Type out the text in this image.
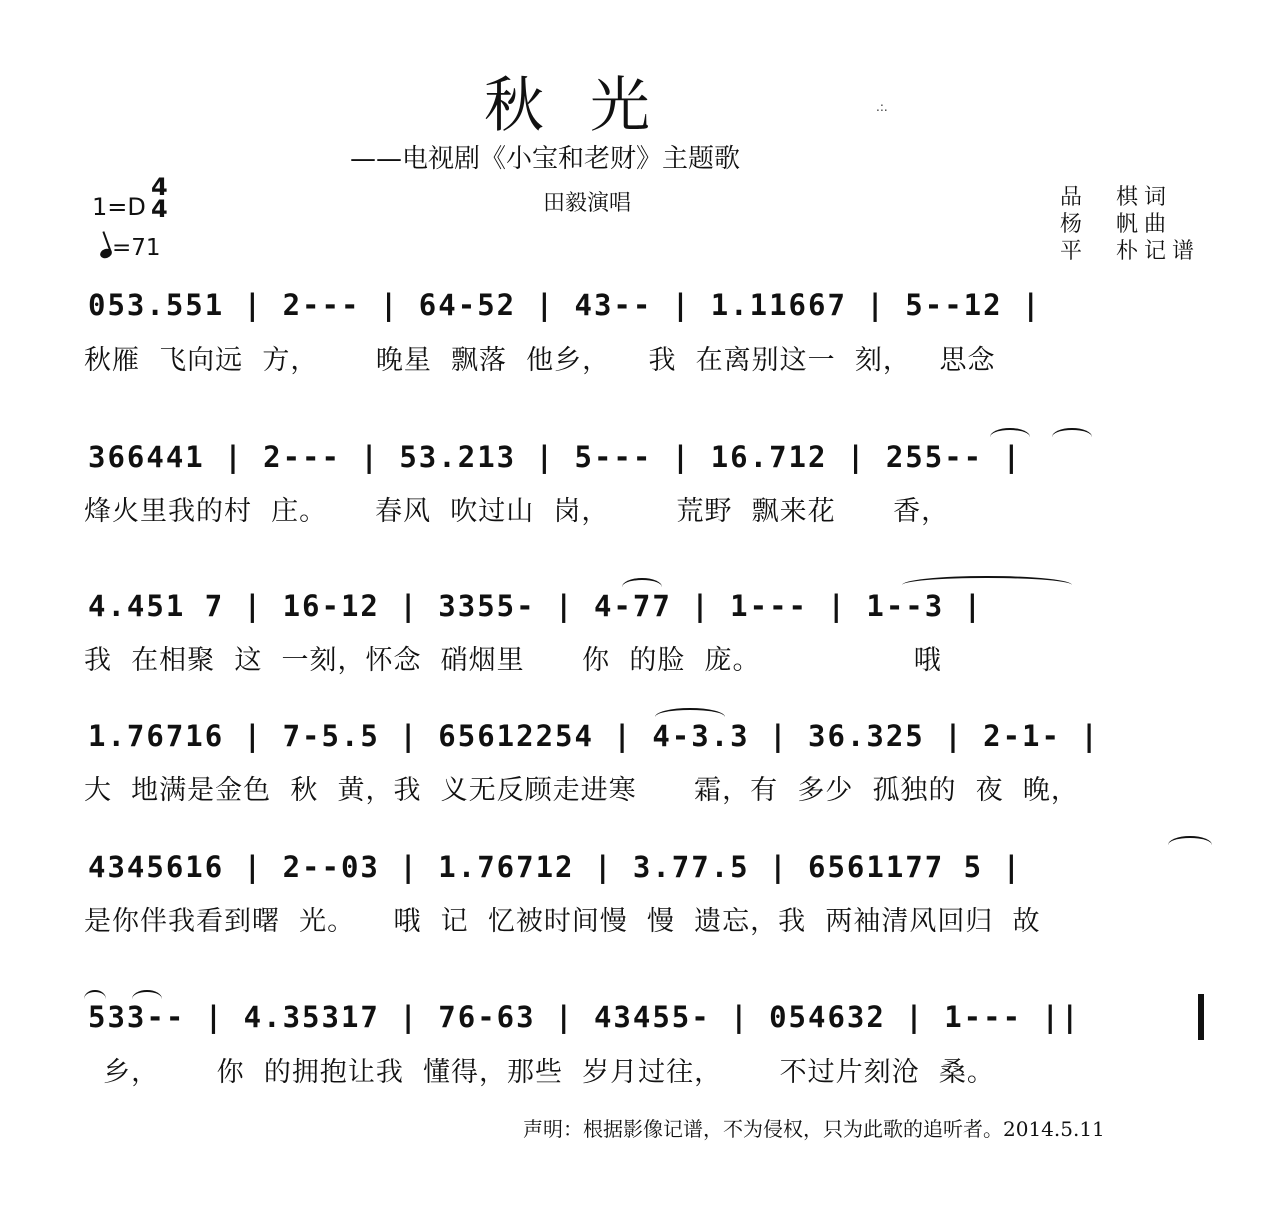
秋光
——电视剧《小宝和老财》主题歌
田毅演唱	品　棋词
杨　帆曲
平　朴记谱
1=D
4
4
=71
.:.
053.551 | 2--- | 64-52 | 43-- | 1.11667 | 5--12 |
秋雁  飞向远  方，      晚星  飘落  他乡，    我  在离别这一  刻，   思念
366441 | 2--- | 53.213 | 5--- | 16.712 | 255-- |
烽火里我的村  庄。     春风  吹过山  岗，       荒野  飘来花      香，
4.451 7 | 16-12 | 3355- | 4-77 | 1--- | 1--3 |
我  在相聚  这  一刻，怀念  硝烟里      你  的脸  庞。                哦
1.76716 | 7-5.5 | 65612254 | 4-3.3 | 36.325 | 2-1- |
大  地满是金色  秋  黄，我  义无反顾走进寒      霜，有  多少  孤独的  夜  晚，
4345616 | 2--03 | 1.76712 | 3.77.5 | 6561177 5 |
是你伴我看到曙  光。    哦  记  忆被时间慢  慢  遗忘，我  两袖清风回归  故
533-- | 4.35317 | 76-63 | 43455- | 054632 | 1--- ||
乡，      你  的拥抱让我  懂得，那些  岁月过往，      不过片刻沧  桑。
声明：根据影像记谱，不为侵权，只为此歌的追听者。2014.5.11
